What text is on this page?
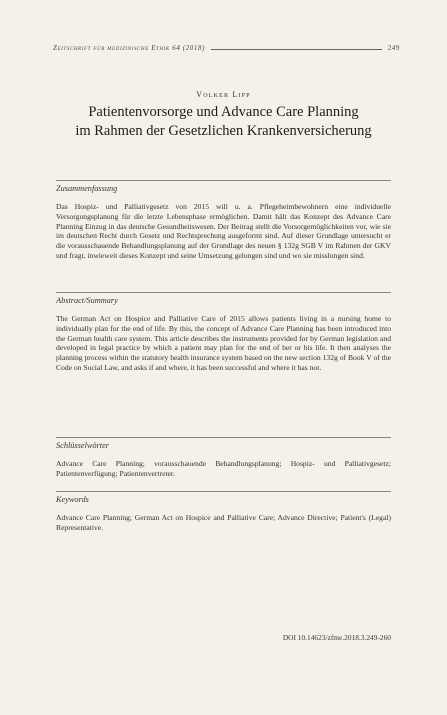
Zeitschrift für medizinische Ethik 64 (2018)	249
Volker Lipp
Patientenvorsorge und Advance Care Planning
im Rahmen der Gesetzlichen Krankenversicherung

Zusammenfassung

Das Hospiz- und Palliativgesetz von 2015 will u. a. Pflegeheimbewohnern eine individuelle Versorgungsplanung für die letzte Lebensphase ermöglichen. Damit hält das Konzept des Advance Care Planning Einzug in das deutsche Gesundheitswesen. Der Beitrag stellt die Vorsorgemöglichkeiten vor, wie sie im deutschen Recht durch Gesetz und Rechtsprechung ausgeformt sind. Auf dieser Grundlage untersucht er die vorausschauende Behandlungsplanung auf der Grundlage des neuen § 132g SGB V im Rahmen der GKV und fragt, inwieweit dieses Konzept und seine Umsetzung gelungen sind und wo sie misslungen sind.

Abstract/Summary

The German Act on Hospice and Palliative Care of 2015 allows patients living in a nursing home to individually plan for the end of life. By this, the concept of Advance Care Planning has been introduced into the German health care system. This article describes the instruments provided for by German legislation and developed in legal practice by which a patient may plan for the end of her or his life. It then analyses the planning process within the statutory health insurance system based on the new section 132g of Book V of the Code on Social Law, and asks if and where, it has been successful and where it has not.

Schlüsselwörter

Advance Care Planning; vorausschauende Behandlungsplanung; Hospiz- und Palliativgesetz; Patientenverfügung; Patientenvertreter.

Keywords

Advance Care Planning; German Act on Hospice and Palliative Care; Advance Directive; Patient's (Legal) Representative.

DOI 10.14623/zfme.2018.3.249-260
